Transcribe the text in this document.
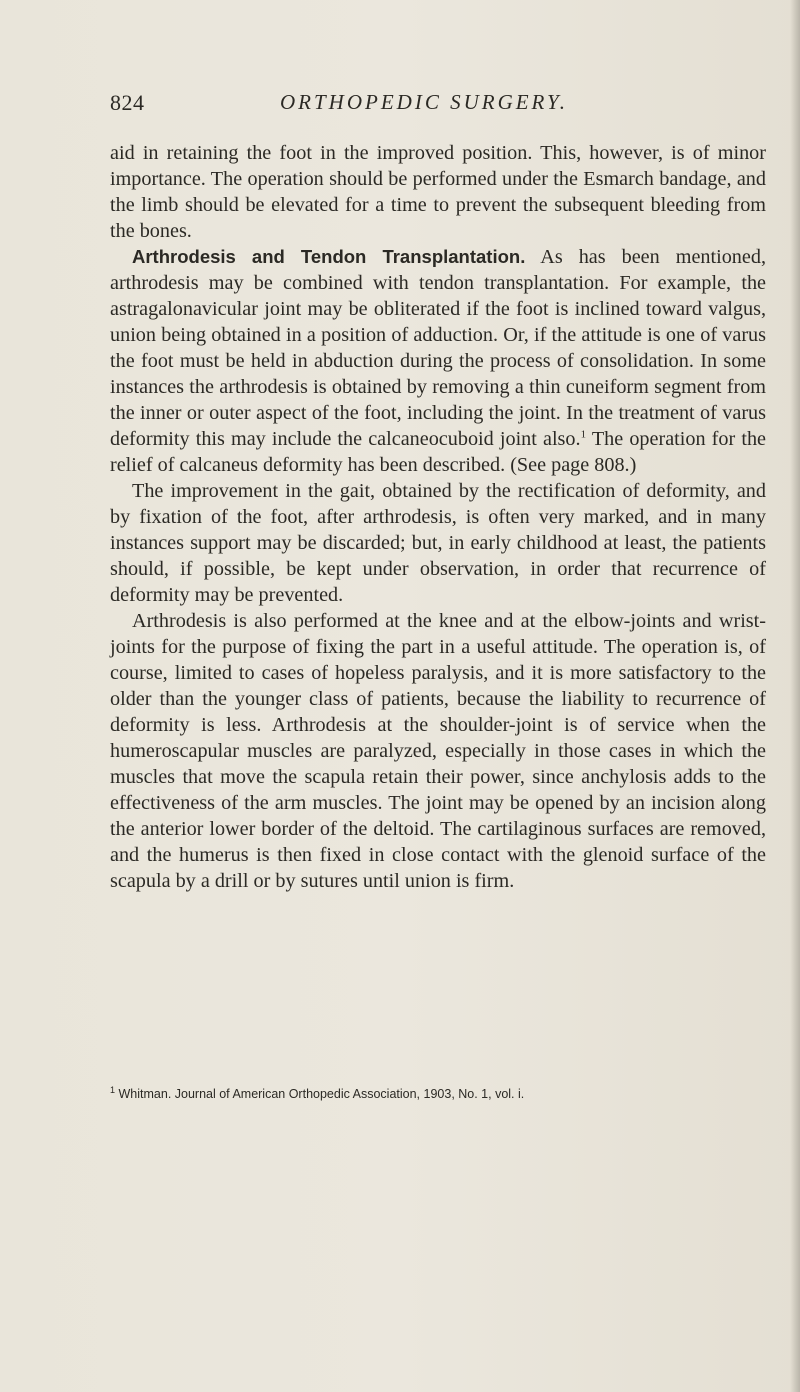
824	ORTHOPEDIC SURGERY.

aid in retaining the foot in the improved position. This, however, is of minor importance. The operation should be performed under the Esmarch bandage, and the limb should be elevated for a time to prevent the subsequent bleeding from the bones.

Arthrodesis and Tendon Transplantation. As has been mentioned, arthrodesis may be combined with tendon transplantation. For example, the astragalonavicular joint may be obliterated if the foot is inclined toward valgus, union being obtained in a position of adduction. Or, if the attitude is one of varus the foot must be held in abduction during the process of consolidation. In some instances the arthrodesis is obtained by removing a thin cuneiform segment from the inner or outer aspect of the foot, including the joint. In the treatment of varus deformity this may include the calcaneocuboid joint also.$^1$ The operation for the relief of calcaneus deformity has been described. (See page 808.)

The improvement in the gait, obtained by the rectification of deformity, and by fixation of the foot, after arthrodesis, is often very marked, and in many instances support may be discarded; but, in early childhood at least, the patients should, if possible, be kept under observation, in order that recurrence of deformity may be prevented.

Arthrodesis is also performed at the knee and at the elbow-joints and wrist-joints for the purpose of fixing the part in a useful attitude. The operation is, of course, limited to cases of hopeless paralysis, and it is more satisfactory to the older than the younger class of patients, because the liability to recurrence of deformity is less. Arthrodesis at the shoulder-joint is of service when the humeroscapular muscles are paralyzed, especially in those cases in which the muscles that move the scapula retain their power, since anchylosis adds to the effectiveness of the arm muscles. The joint may be opened by an incision along the anterior lower border of the deltoid. The cartilaginous surfaces are removed, and the humerus is then fixed in close contact with the glenoid surface of the scapula by a drill or by sutures until union is firm.

$^1$ Whitman. Journal of American Orthopedic Association, 1903, No. 1, vol. i.
